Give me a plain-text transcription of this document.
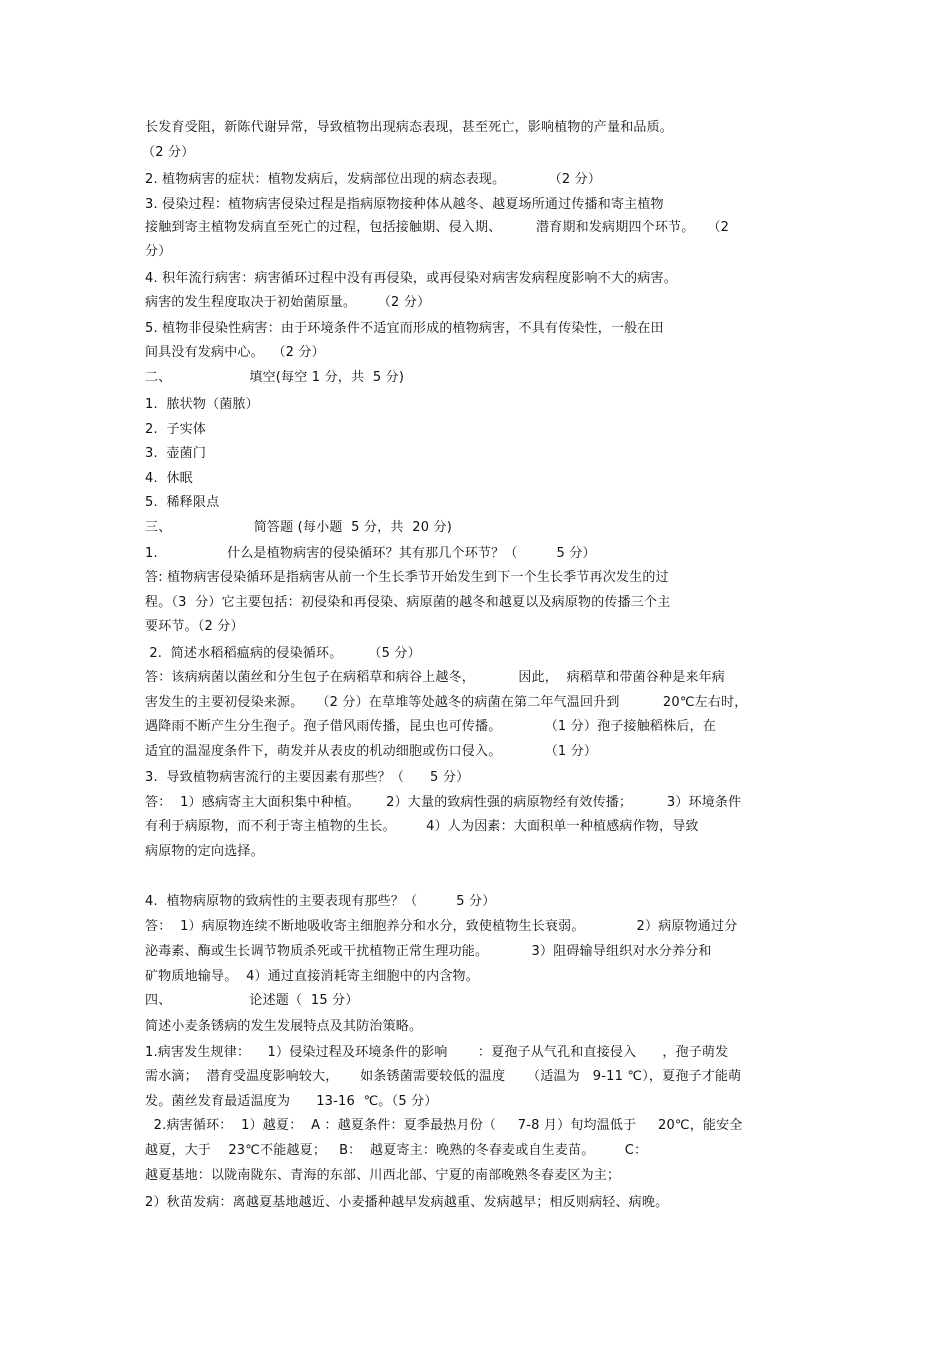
长发育受阻，新陈代谢异常，导致植物出现病态表现，甚至死亡，影响植物的产量和品质。
（2 分）
2. 植物病害的症状：植物发病后，发病部位出现的病态表现。          （2 分）
3. 侵染过程：植物病害侵染过程是指病原物接种体从越冬、越夏场所通过传播和寄主植物
接触到寄主植物发病直至死亡的过程，包括接触期、侵入期、        潜育期和发病期四个环节。   （2
分）
4. 积年流行病害：病害循环过程中没有再侵染，或再侵染对病害发病程度影响不大的病害。
病害的发生程度取决于初始菌原量。     （2 分）
5. 植物非侵染性病害：由于环境条件不适宜而形成的植物病害，不具有传染性，一般在田
间具没有发病中心。  （2 分）
二、                  填空(每空 1 分，共  5 分)
1.  脓状物（菌脓）
2.  子实体
3.  壶菌门
4.  休眠
5.  稀释限点
三、                   简答题 (每小题  5 分，共  20 分)
1.                什么是植物病害的侵染循环？其有那几个环节？（         5 分）
答: 植物病害侵染循环是指病害从前一个生长季节开始发生到下一个生长季节再次发生的过
程。（3  分）它主要包括：初侵染和再侵染、病原菌的越冬和越夏以及病原物的传播三个主
要环节。（2 分）
2.  简述水稻稻瘟病的侵染循环。      （5 分）
答：该病病菌以菌丝和分生包子在病稻草和病谷上越冬，          因此，  病稻草和带菌谷种是来年病
害发生的主要初侵染来源。   （2 分）在草堆等处越冬的病菌在第二年气温回升到          20℃左右时，
遇降雨不断产生分生孢子。孢子借风雨传播，昆虫也可传播。          （1 分）孢子接触稻株后，在
适宜的温湿度条件下，萌发并从表皮的机动细胞或伤口侵入。          （1 分）
3.  导致植物病害流行的主要因素有那些？（      5 分）
答：  1）感病寄主大面积集中种植。      2）大量的致病性强的病原物经有效传播；        3）环境条件
有利于病原物，而不利于寄主植物的生长。       4）人为因素：大面积单一种植感病作物，导致
病原物的定向选择。
4.  植物病原物的致病性的主要表现有那些？（         5 分）
答：  1）病原物连续不断地吸收寄主细胞养分和水分，致使植物生长衰弱。            2）病原物通过分
泌毒素、酶或生长调节物质杀死或干扰植物正常生理功能。          3）阻碍输导组织对水分养分和
矿物质地输导。  4）通过直接消耗寄主细胞中的内含物。
四、                  论述题（  15 分）
简述小麦条锈病的发生发展特点及其防治策略。
1.病害发生规律：    1）侵染过程及环境条件的影响       ：夏孢子从气孔和直接侵入      ，孢子萌发
需水滴；  潜育受温度影响较大，     如条锈菌需要较低的温度     （适温为   9-11 ℃），夏孢子才能萌
发。菌丝发育最适温度为      13-16  ℃。（5 分）
2.病害循环：  1）越夏：  A ：越夏条件：夏季最热月份（     7-8 月）旬均温低于     20℃，能安全
越夏，大于    23℃不能越夏；   B：  越夏寄主：晚熟的冬春麦或自生麦苗。       C：
越夏基地：以陇南陇东、青海的东部、川西北部、宁夏的南部晚熟冬春麦区为主；
2）秋苗发病：离越夏基地越近、小麦播种越早发病越重、发病越早；相反则病轻、病晚。
